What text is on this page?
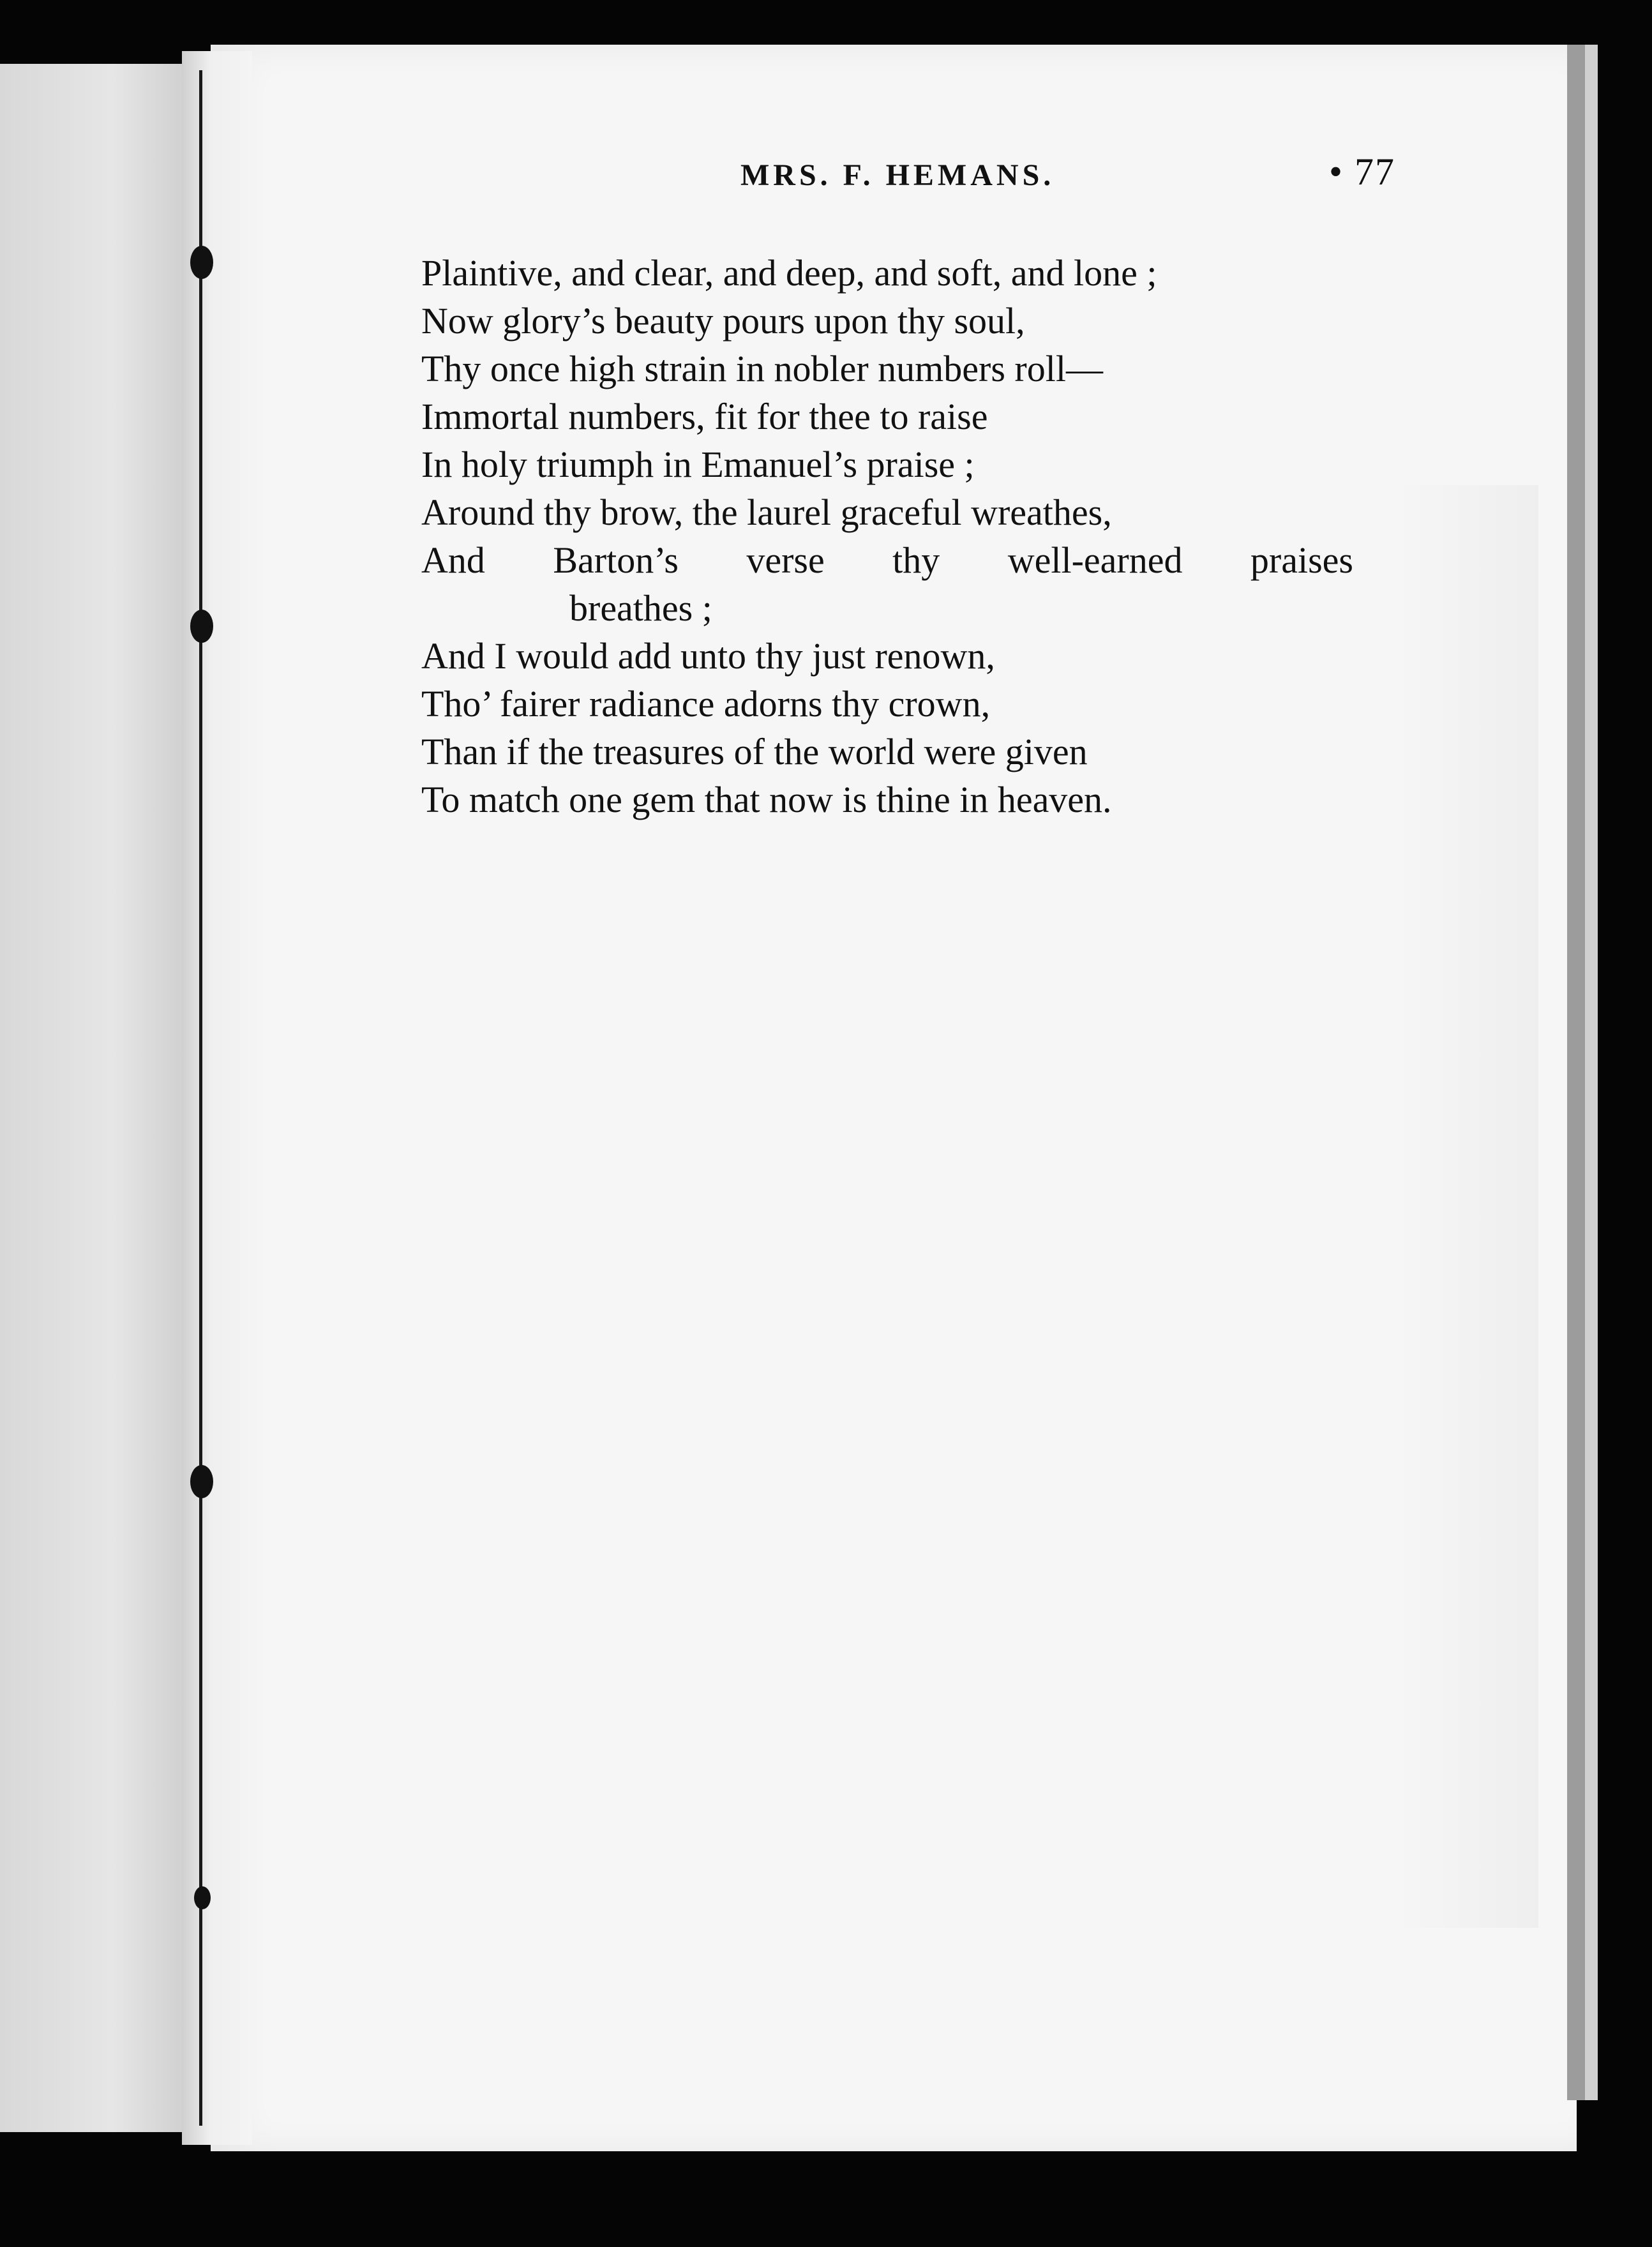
MRS. F. HEMANS.	• 77
Plaintive, and clear, and deep, and soft, and lone ;
Now glory’s beauty pours upon thy soul,
Thy once high strain in nobler numbers roll—
Immortal numbers, fit for thee to raise
In holy triumph in Emanuel’s praise ;
Around thy brow, the laurel graceful wreathes,
And Barton’s verse thy well-earned praises
breathes ;
And I would add unto thy just renown,
Tho’ fairer radiance adorns thy crown,
Than if the treasures of the world were given
To match one gem that now is thine in heaven.
